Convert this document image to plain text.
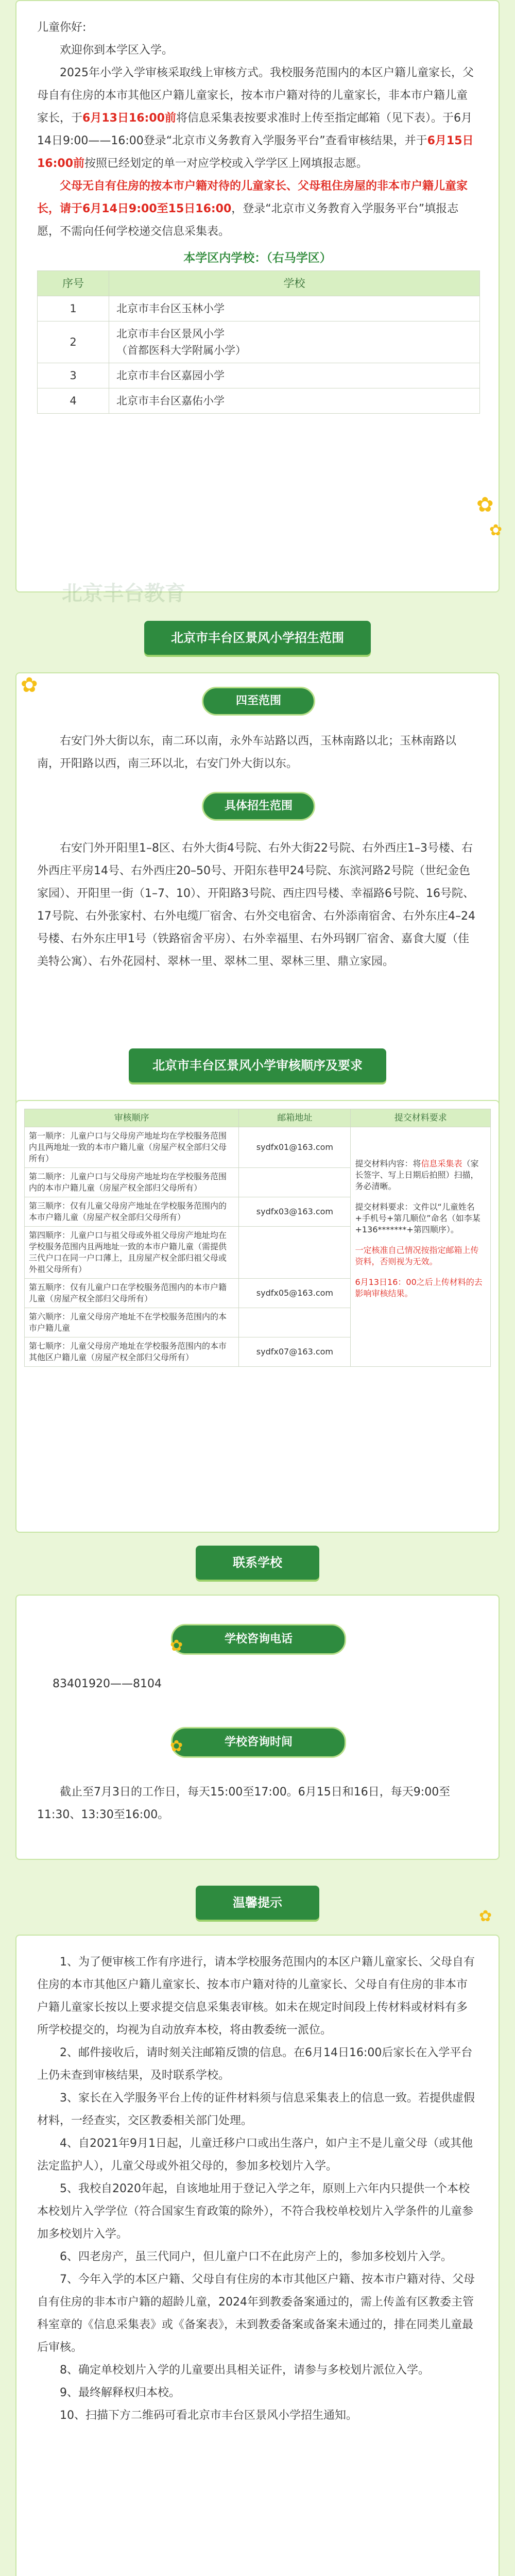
儿童你好:

欢迎你到本学区入学。

2025年小学入学审核采取线上审核方式。我校服务范围内的本区户籍儿童家长，父母自有住房的本市其他区户籍儿童家长，按本市户籍对待的儿童家长，非本市户籍儿童家长，于6月13日16:00前将信息采集表按要求准时上传至指定邮箱（见下表）。于6月14日9:00——16:00登录“北京市义务教育入学服务平台”查看审核结果，并于6月15日16:00前按照已经划定的单一对应学校或入学学区上网填报志愿。

父母无自有住房的按本市户籍对待的儿童家长、父母租住房屋的非本市户籍儿童家长，请于6月14日9:00至15日16:00，登录“北京市义务教育入学服务平台”填报志愿，不需向任何学校递交信息采集表。

本学区内学校：（右马学区）
序号	学校
1	北京市丰台区玉林小学
2	北京市丰台区景风小学
（首都医科大学附属小学）
3	北京市丰台区嘉园小学
4	北京市丰台区嘉佑小学
北京丰台教育
✿
✿
北京市丰台区景风小学招生范围
四至范围

右安门外大街以东，南二环以南，永外车站路以西，玉林南路以北；玉林南路以南，开阳路以西，南三环以北，右安门外大街以东。

具体招生范围

右安门外开阳里1–8区、右外大街4号院、右外大街22号院、右外西庄1–3号楼、右外西庄平房14号、右外西庄20–50号、开阳东巷甲24号院、东滨河路2号院（世纪金色家园）、开阳里一街（1–7、10）、开阳路3号院、西庄四号楼、幸福路6号院、16号院、17号院、右外张家村、右外电缆厂宿舍、右外交电宿舍、右外添南宿舍、右外东庄4–24号楼、右外东庄甲1号（铁路宿舍平房）、右外幸福里、右外玛钢厂宿舍、嘉食大厦（佳美特公寓）、右外花园村、翠林一里、翠林二里、翠林三里、鼎立家园。

✿
北京市丰台区景风小学审核顺序及要求
审核顺序	邮箱地址	提交材料要求
第一顺序：儿童户口与父母房产地址均在学校服务范围内且两地址一致的本市户籍儿童（房屋产权全部归父母所有）	sydfx01@163.com	提交材料内容：将信息采集表（家长签字、写上日期后拍照）扫描，务必清晰。

提交材料要求：文件以“儿童姓名+手机号+第几顺位”命名（如李某+136*******+第四顺序）。

一定核准自己情况按指定邮箱上传资料，否则视为无效。

6月13日16：00之后上传材料的去影响审核结果。

第二顺序：儿童户口与父母房产地址均在学校服务范围内的本市户籍儿童（房屋产权全部归父母所有）		
第三顺序：仅有儿童父母房产地址在学校服务范围内的本市户籍儿童（房屋产权全部归父母所有）	sydfx03@163.com	
第四顺序：儿童户口与祖父母或外祖父母房产地址均在学校服务范围内且两地址一致的本市户籍儿童（需提供三代户口在同一户口薄上，且房屋产权全部归祖父母或外祖父母所有）		
第五顺序：仅有儿童户口在学校服务范围内的本市户籍儿童（房屋产权全部归父母所有）	sydfx05@163.com	
第六顺序：儿童父母房产地址不在学校服务范围内的本市户籍儿童		
第七顺序：儿童父母房产地址在学校服务范围内的本市其他区户籍儿童（房屋产权全部归父母所有）	sydfx07@163.com	
联系学校
学校咨询电话

83401920——8104

学校咨询时间

截止至7月3日的工作日，每天15:00至17:00。6月15日和16日，每天9:00至11:30、13:30至16:00。

✿
✿
温馨提示

1、为了便审核工作有序进行，请本学校服务范围内的本区户籍儿童家长、父母自有住房的本市其他区户籍儿童家长、按本市户籍对待的儿童家长、父母自有住房的非本市户籍儿童家长按以上要求提交信息采集表审核。如未在规定时间段上传材料或材料有多所学校提交的，均视为自动放弃本校，将由教委统一派位。

2、邮件接收后，请时刻关注邮箱反馈的信息。在6月14日16:00后家长在入学平台上仍未查到审核结果，及时联系学校。

3、家长在入学服务平台上传的证件材料须与信息采集表上的信息一致。若提供虚假材料，一经查实，交区教委相关部门处理。

4、自2021年9月1日起，儿童迁移户口或出生落户，如户主不是儿童父母（或其他法定监护人），儿童父母或外祖父母的，参加多校划片入学。

5、我校自2020年起，自该地址用于登记入学之年，原则上六年内只提供一个本校本校划片入学学位（符合国家生育政策的除外），不符合我校单校划片入学条件的儿童参加多校划片入学。

6、四老房产，虽三代同户，但儿童户口不在此房产上的，参加多校划片入学。

7、今年入学的本区户籍、父母自有住房的本市其他区户籍、按本市户籍对待、父母自有住房的非本市户籍的超龄儿童，2024年到教委备案通过的，需上传盖有区教委主管科室章的《信息采集表》或《备案表》，未到教委备案或备案未通过的，排在同类儿童最后审核。

8、确定单校划片入学的儿童要出具相关证件，请参与多校划片派位入学。

9、最终解释权归本校。

10、扫描下方二维码可看北京市丰台区景风小学招生通知。

✿
